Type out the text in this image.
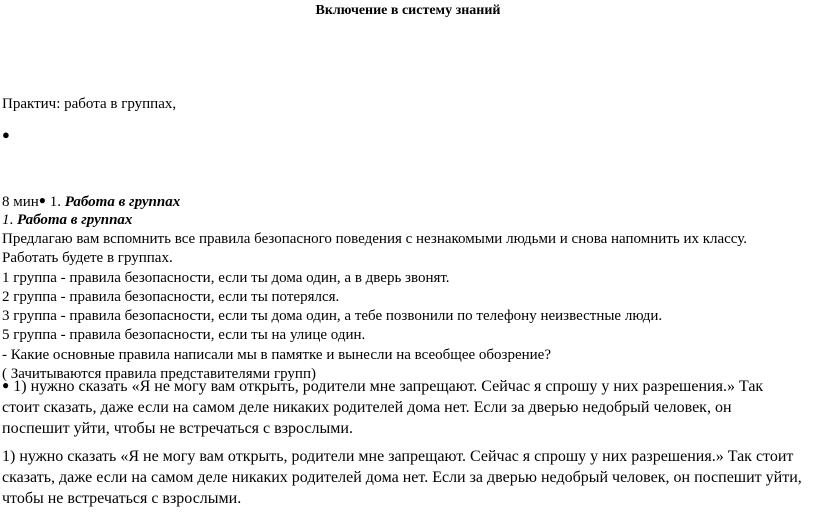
Включение в систему знаний
Практич: работа в группах,
●
8 мин● 1. Работа в группах
1. Работа в группах
Предлагаю вам вспомнить все правила безопасного поведения с незнакомыми людьми и снова напомнить их классу.
Работать будете в группах.
1 группа - правила безопасности, если ты дома один, а в дверь звонят.
2 группа - правила безопасности, если ты потерялся.
3 группа - правила безопасности, если ты дома один, а тебе позвонили по телефону неизвестные люди.
5 группа - правила безопасности, если ты на улице один.
- Какие основные правила написали мы в памятке и вынесли на всеобщее обозрение?
( Зачитываются правила представителями групп)
● 1) нужно сказать «Я не могу вам открыть, родители мне запрещают. Сейчас я спрошу у них разрешения.» Так стоит сказать, даже если на самом деле никаких родителей дома нет. Если за дверью недобрый человек, он поспешит уйти, чтобы не встречаться с взрослыми.
1) нужно сказать «Я не могу вам открыть, родители мне запрещают. Сейчас я спрошу у них разрешения.» Так стоит сказать, даже если на самом деле никаких родителей дома нет. Если за дверью недобрый человек, он поспешит уйти, чтобы не встречаться с взрослыми.
